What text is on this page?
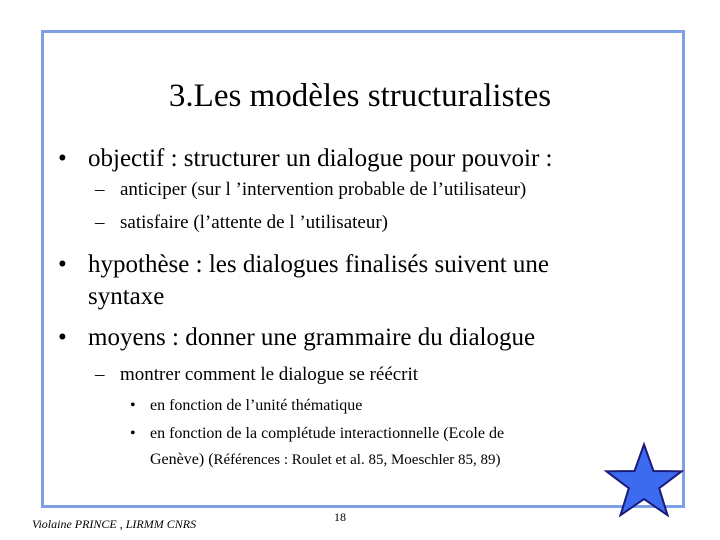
3.Les modèles structuralistes
• objectif : structurer un dialogue pour pouvoir :
– anticiper (sur l ’intervention probable de l’utilisateur)
– satisfaire (l’attente de l ’utilisateur)
• hypothèse : les dialogues finalisés suivent une
syntaxe
• moyens : donner une grammaire du dialogue
– montrer comment le dialogue se réécrit
• en fonction de l’unité thématique
• en fonction de la complétude interactionnelle (Ecole de
Genève) (Références : Roulet et al. 85, Moeschler 85, 89)
Violaine PRINCE , LIRMM CNRS	18
